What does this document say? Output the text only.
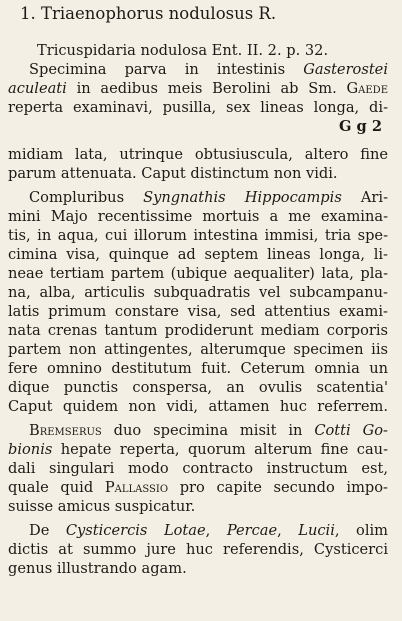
1. Triaenophorus nodulosus R.
Tricuspidaria nodulosa Ent. II. 2. p. 32.
Specimina parva in intestinis Gasterostei
aculeati in aedibus meis Berolini ab Sm. Gaede
reperta examinavi, pusilla, sex lineas longa, di-
G g 2
midiam lata, utrinque obtusiuscula, altero fine
parum attenuata. Caput distinctum non vidi.
Compluribus Syngnathis Hippocampis Ari-
mini Majo recentissime mortuis a me examina-
tis, in aqua, cui illorum intestina immisi, tria spe-
cimina visa, quinque ad septem lineas longa, li-
neae tertiam partem (ubique aequaliter) lata, pla-
na, alba, articulis subquadratis vel subcampanu-
latis primum constare visa, sed attentius exami-
nata crenas tantum prodiderunt mediam corporis
partem non attingentes, alterumque specimen iis
fere omnino destitutum fuit. Ceterum omnia un
dique punctis conspersa, an ovulis scatentia'
Caput quidem non vidi, attamen huc referrem.
Bremserus duo specimina misit in Cotti Go-
bionis hepate reperta, quorum alterum fine cau-
dali singulari modo contracto instructum est,
quale quid Pallassio pro capite secundo impo-
suisse amicus suspicatur.
De Cysticercis Lotae, Percae, Lucii, olim
dictis at summo jure huc referendis, Cysticerci
genus illustrando agam.
